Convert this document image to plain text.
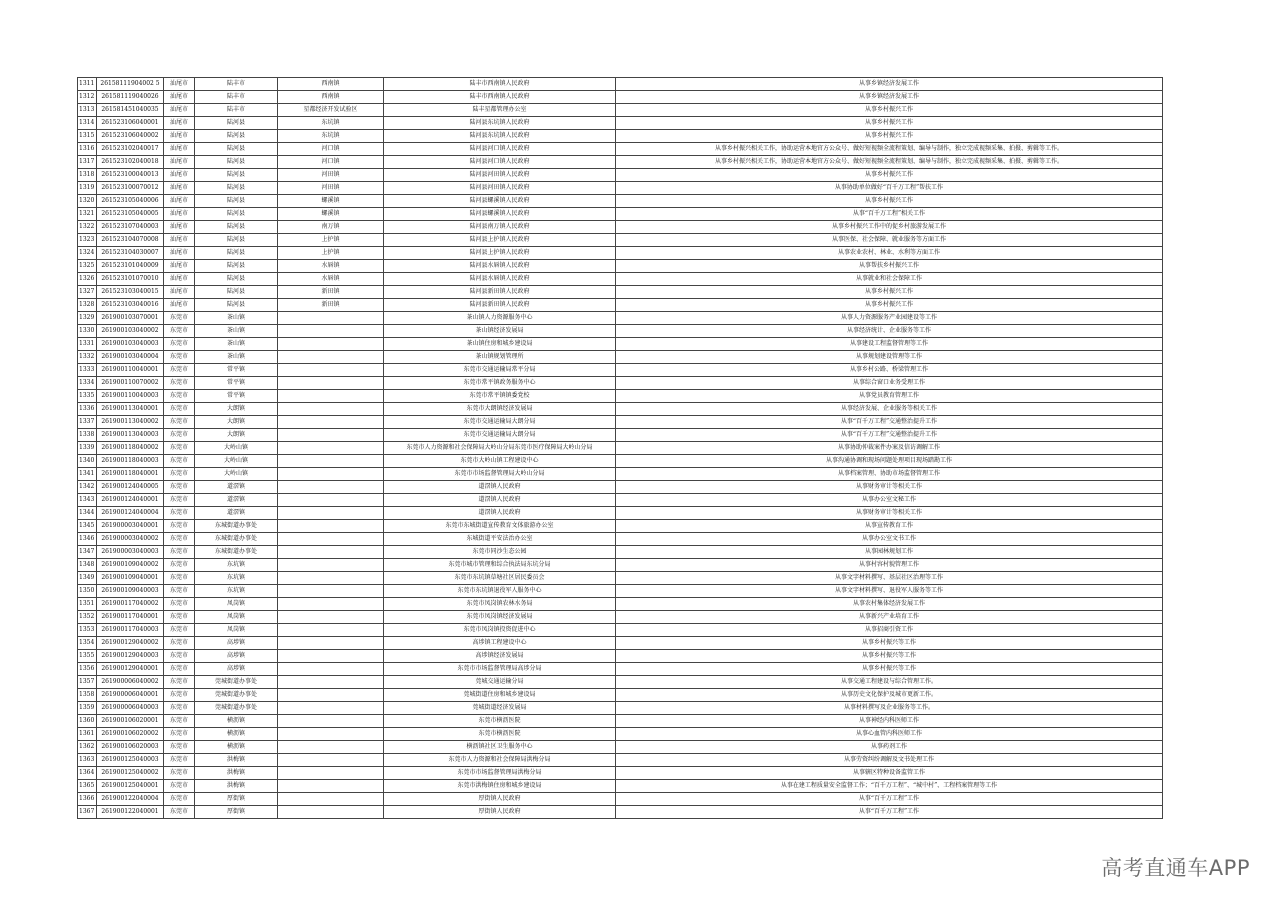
1311	26158111904002 5	汕尾市	陆丰市	西南镇	陆丰市西南镇人民政府	从事乡镇经济发展工作
1312	261581119040026	汕尾市	陆丰市	西南镇	陆丰市西南镇人民政府	从事乡镇经济发展工作
1313	261581451040035	汕尾市	陆丰市	星都经济开发试验区	陆丰星都管理办公室	从事乡村振兴工作
1314	261523106040001	汕尾市	陆河县	东坑镇	陆河县东坑镇人民政府	从事乡村振兴工作
1315	261523106040002	汕尾市	陆河县	东坑镇	陆河县东坑镇人民政府	从事乡村振兴工作
1316	261523102040017	汕尾市	陆河县	河口镇	陆河县河口镇人民政府	从事乡村振兴相关工作，协助运营本地官方公众号、做好短视频全流程策划、编导与制作，独立完成视频采集、拍摄、剪辑等工作。
1317	261523102040018	汕尾市	陆河县	河口镇	陆河县河口镇人民政府	从事乡村振兴相关工作，协助运营本地官方公众号、做好短视频全流程策划、编导与制作，独立完成视频采集、拍摄、剪辑等工作。
1318	261523100040013	汕尾市	陆河县	河田镇	陆河县河田镇人民政府	从事乡村振兴工作
1319	261523100070012	汕尾市	陆河县	河田镇	陆河县河田镇人民政府	从事协助单位做好“百千万工程”帮扶工作
1320	261523105040006	汕尾市	陆河县	螺溪镇	陆河县螺溪镇人民政府	从事乡村振兴工作
1321	261523105040005	汕尾市	陆河县	螺溪镇	陆河县螺溪镇人民政府	从事“百千万工程”相关工作
1322	261523107040003	汕尾市	陆河县	南万镇	陆河县南万镇人民政府	从事乡村振兴工作中的促乡村旅游发展工作
1323	261523104070008	汕尾市	陆河县	上护镇	陆河县上护镇人民政府	从事医保、社会保障、就业服务等方面工作
1324	261523104030007	汕尾市	陆河县	上护镇	陆河县上护镇人民政府	从事农业农村、林业、水利等方面工作
1325	261523101040009	汕尾市	陆河县	水唇镇	陆河县水唇镇人民政府	从事帮扶乡村振兴工作
1326	261523101070010	汕尾市	陆河县	水唇镇	陆河县水唇镇人民政府	从事就业和社会保障工作
1327	261523103040015	汕尾市	陆河县	新田镇	陆河县新田镇人民政府	从事乡村振兴工作
1328	261523103040016	汕尾市	陆河县	新田镇	陆河县新田镇人民政府	从事乡村振兴工作
1329	261900103070001	东莞市	茶山镇		茶山镇人力资源服务中心	从事人力资源服务产业园建设等工作
1330	261900103040002	东莞市	茶山镇		茶山镇经济发展局	从事经济统计、企业服务等工作
1331	261900103040003	东莞市	茶山镇		茶山镇住房和城乡建设局	从事建设工程监督管理等工作
1332	261900103040004	东莞市	茶山镇		茶山镇规划管理所	从事规划建设管理等工作
1333	261900110040001	东莞市	常平镇		东莞市交通运输局常平分局	从事乡村公路、桥梁管理工作
1334	261900110070002	东莞市	常平镇		东莞市常平镇政务服务中心	从事综合窗口业务受理工作
1335	261900110040003	东莞市	常平镇		东莞市常平镇镇委党校	从事党员教育管理工作
1336	261900113040001	东莞市	大朗镇		东莞市大朗镇经济发展局	从事经济发展、企业服务等相关工作
1337	261900113040002	东莞市	大朗镇		东莞市交通运输局大朗分局	从事“百千万工程”交通整治提升工作
1338	261900113040003	东莞市	大朗镇		东莞市交通运输局大朗分局	从事“百千万工程”交通整治提升工作
1339	261900118040002	东莞市	大岭山镇		东莞市人力资源和社会保障局大岭山分局东莞市医疗保障局大岭山分局	从事协助仲裁案件办案及信访调解工作
1340	261900118040003	东莞市	大岭山镇		东莞市大岭山镇工程建设中心	从事沟通协调和现场问题处理项目现场踏勘工作
1341	261900118040001	东莞市	大岭山镇		东莞市市场监督管理局大岭山分局	从事档案管理、协助市场监督管理工作
1342	261900124040005	东莞市	道滘镇		道滘镇人民政府	从事财务审计等相关工作
1343	261900124040001	东莞市	道滘镇		道滘镇人民政府	从事办公室文秘工作
1344	261900124040004	东莞市	道滘镇		道滘镇人民政府	从事财务审计等相关工作
1345	261900003040001	东莞市	东城街道办事处		东莞市东城街道宣传教育文体旅游办公室	从事宣传教育工作
1346	261900003040002	东莞市	东城街道办事处		东城街道平安法治办公室	从事办公室文书工作
1347	261900003040003	东莞市	东城街道办事处		东莞市同沙生态公园	从事园林规划工作
1348	261900109040002	东莞市	东坑镇		东莞市城市管理和综合执法局东坑分局	从事村容村貌管理工作
1349	261900109040001	东莞市	东坑镇		东莞市东坑镇草塘社区居民委员会	从事文字材料撰写、基层社区治理等工作
1350	261900109040003	东莞市	东坑镇		东莞市东坑镇退役军人服务中心	从事文字材料撰写、退役军人服务等工作
1351	261900117040002	东莞市	凤岗镇		东莞市凤岗镇农林水务局	从事农村集体经济发展工作
1352	261900117040001	东莞市	凤岗镇		东莞市凤岗镇经济发展局	从事新兴产业培育工作
1353	261900117040003	东莞市	凤岗镇		东莞市凤岗镇投资促进中心	从事招商引资工作
1354	261900129040002	东莞市	高埗镇		高埗镇工程建设中心	从事乡村振兴等工作
1355	261900129040003	东莞市	高埗镇		高埗镇经济发展局	从事乡村振兴等工作
1356	261900129040001	东莞市	高埗镇		东莞市市场监督管理局高埗分局	从事乡村振兴等工作
1357	261900006040002	东莞市	莞城街道办事处		莞城交通运输分局	从事交通工程建设与综合管理工作。
1358	261900006040001	东莞市	莞城街道办事处		莞城街道住房和城乡建设局	从事历史文化保护及城市更新工作。
1359	261900006040003	东莞市	莞城街道办事处		莞城街道经济发展局	从事材料撰写及企业服务等工作。
1360	261900106020001	东莞市	横沥镇		东莞市横沥医院	从事神经内科医师工作
1361	261900106020002	东莞市	横沥镇		东莞市横沥医院	从事心血管内科医师工作
1362	261900106020003	东莞市	横沥镇		横沥镇社区卫生服务中心	从事药剂工作
1363	261900125040003	东莞市	洪梅镇		东莞市人力资源和社会保障局洪梅分局	从事劳资纠纷调解及文书处理工作
1364	261900125040002	东莞市	洪梅镇		东莞市市场监督管理局洪梅分局	从事辖区特种设备监管工作
1365	261900125040001	东莞市	洪梅镇		东莞市洪梅镇住房和城乡建设局	从事在建工程质量安全监督工作；“百千万工程”、“城中村”、工程档案管理等工作
1366	261900122040004	东莞市	厚街镇		厚街镇人民政府	从事“百千万工程”工作
1367	261900122040001	东莞市	厚街镇		厚街镇人民政府	从事“百千万工程”工作
高考直通车APP
